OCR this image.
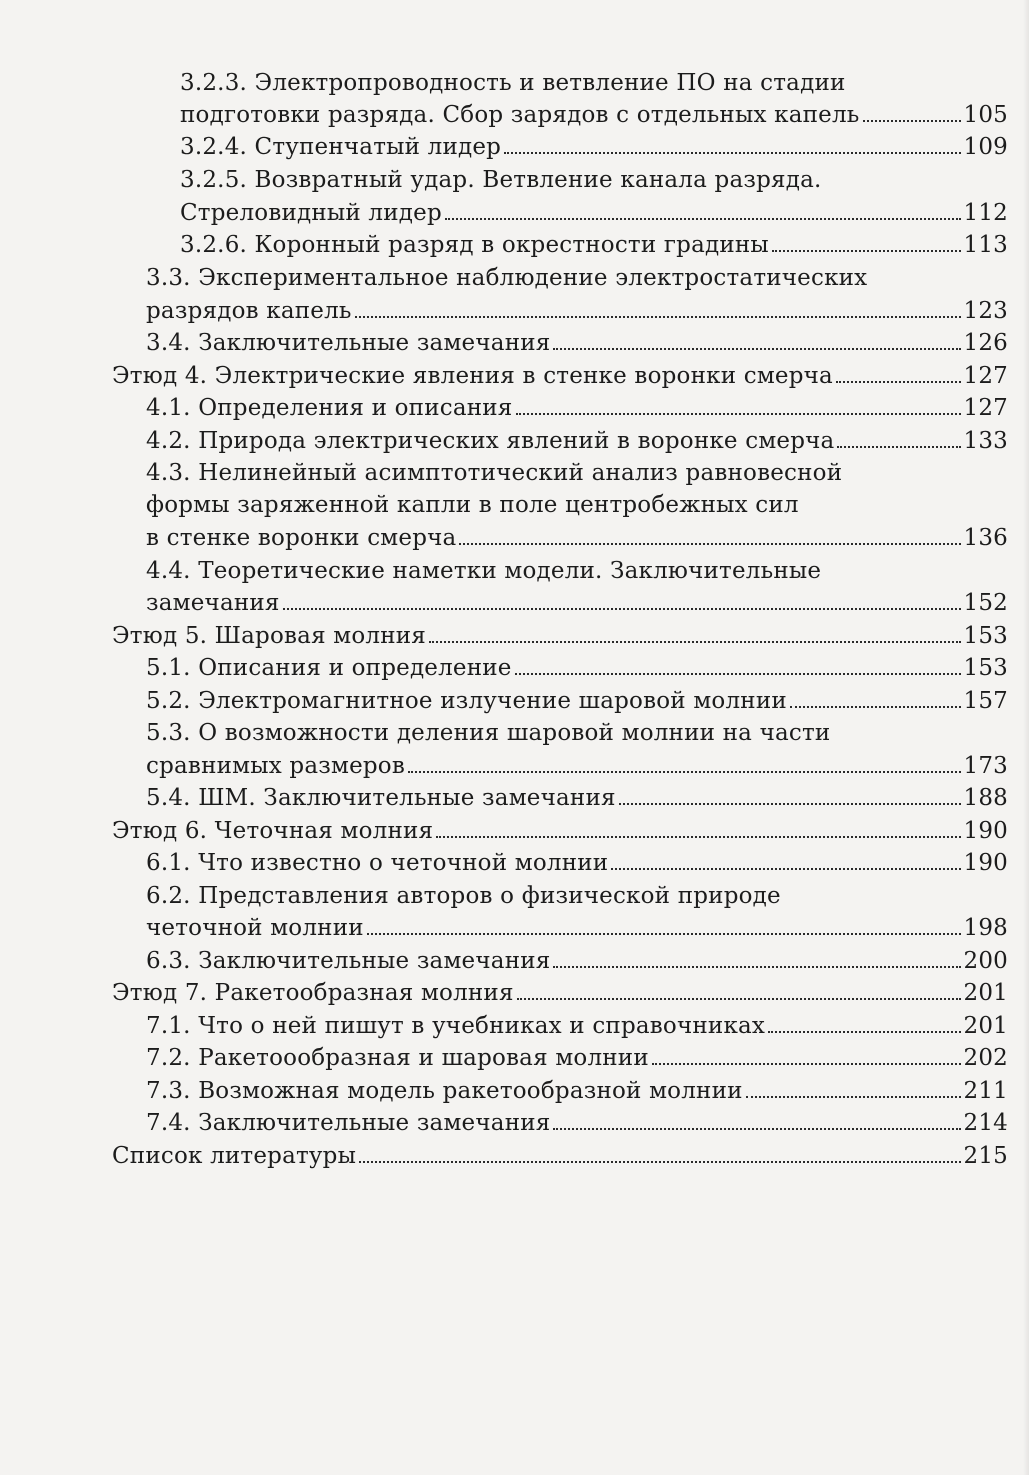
3.2.3. Электропроводность и ветвление ПО на стадии
подготовки разряда. Сбор зарядов с отдельных капель	105
3.2.4. Ступенчатый лидер	109
3.2.5. Возвратный удар. Ветвление канала разряда.
Стреловидный лидер	112
3.2.6. Коронный разряд в окрестности градины	113
3.3. Экспериментальное наблюдение электростатических
разрядов капель	123
3.4. Заключительные замечания	126
Этюд 4. Электрические явления в стенке воронки смерча	127
4.1. Определения и описания	127
4.2. Природа электрических явлений в воронке смерча	133
4.3. Нелинейный асимптотический анализ равновесной
формы заряженной капли в поле центробежных сил
в стенке воронки смерча	136
4.4. Теоретические наметки модели. Заключительные
замечания	152
Этюд 5. Шаровая молния	153
5.1. Описания и определение	153
5.2. Электромагнитное излучение шаровой молнии	157
5.3. О возможности деления шаровой молнии на части
сравнимых размеров	173
5.4. ШМ. Заключительные замечания	188
Этюд 6. Четочная молния	190
6.1. Что известно о четочной молнии	190
6.2. Представления авторов о физической природе
четочной молнии	198
6.3. Заключительные замечания	200
Этюд 7. Ракетообразная молния	201
7.1. Что о ней пишут в учебниках и справочниках	201
7.2. Ракетоообразная и шаровая молнии	202
7.3. Возможная модель ракетообразной молнии	211
7.4. Заключительные замечания	214
Список литературы	215
